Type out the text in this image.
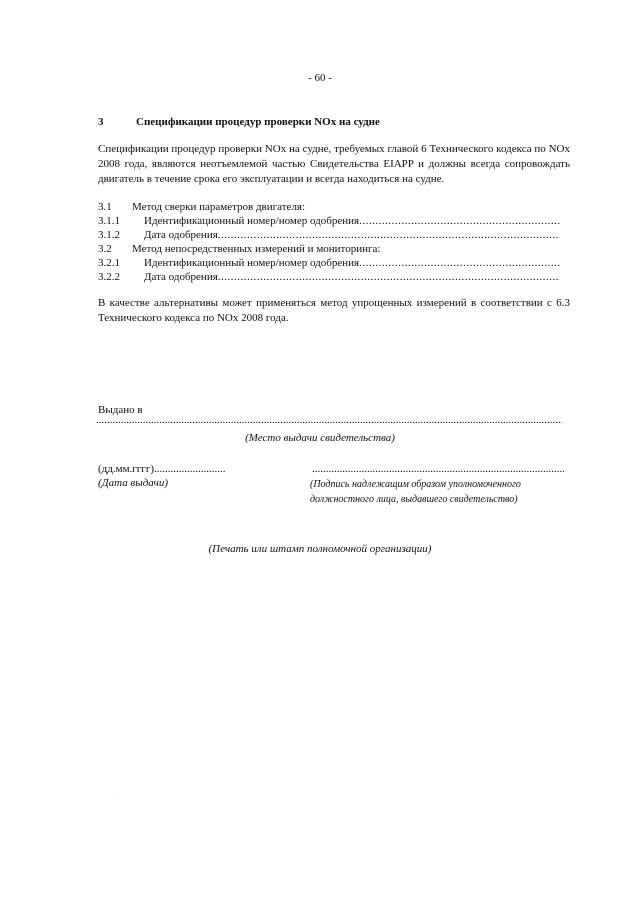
- 60 -
3	Спецификации процедур проверки NOx на судне
Спецификации процедур проверки NOx на судне, требуемых главой 6 Технического кодекса по NOx 2008 года, являются неотъемлемой частью Свидетельства EIAPP и должны всегда сопровождать двигатель в течение срока его эксплуатации и всегда находиться на судне.
3.1	Метод сверки параметров двигателя:
3.1.1	Идентификационный номер/номер одобрения
.....
3.1.2	Дата одобрения
.....
3.2	Метод непосредственных измерений и мониторинга:
3.2.1	Идентификационный номер/номер одобрения
.....
3.2.2	Дата одобрения
.....
В качестве альтернативы может применяться метод упрощенных измерений в соответствии с 6.3 Технического кодекса по NOx 2008 года.
Выдано в
.....
(Место выдачи свидетельства)
(дд.мм.гггг)..........................
(Дата выдачи)
.....	(Подпись надлежащим образом уполномоченного должностного лица, выдавшего свидетельство)
(Печать или штамп полномочной организации)
.
